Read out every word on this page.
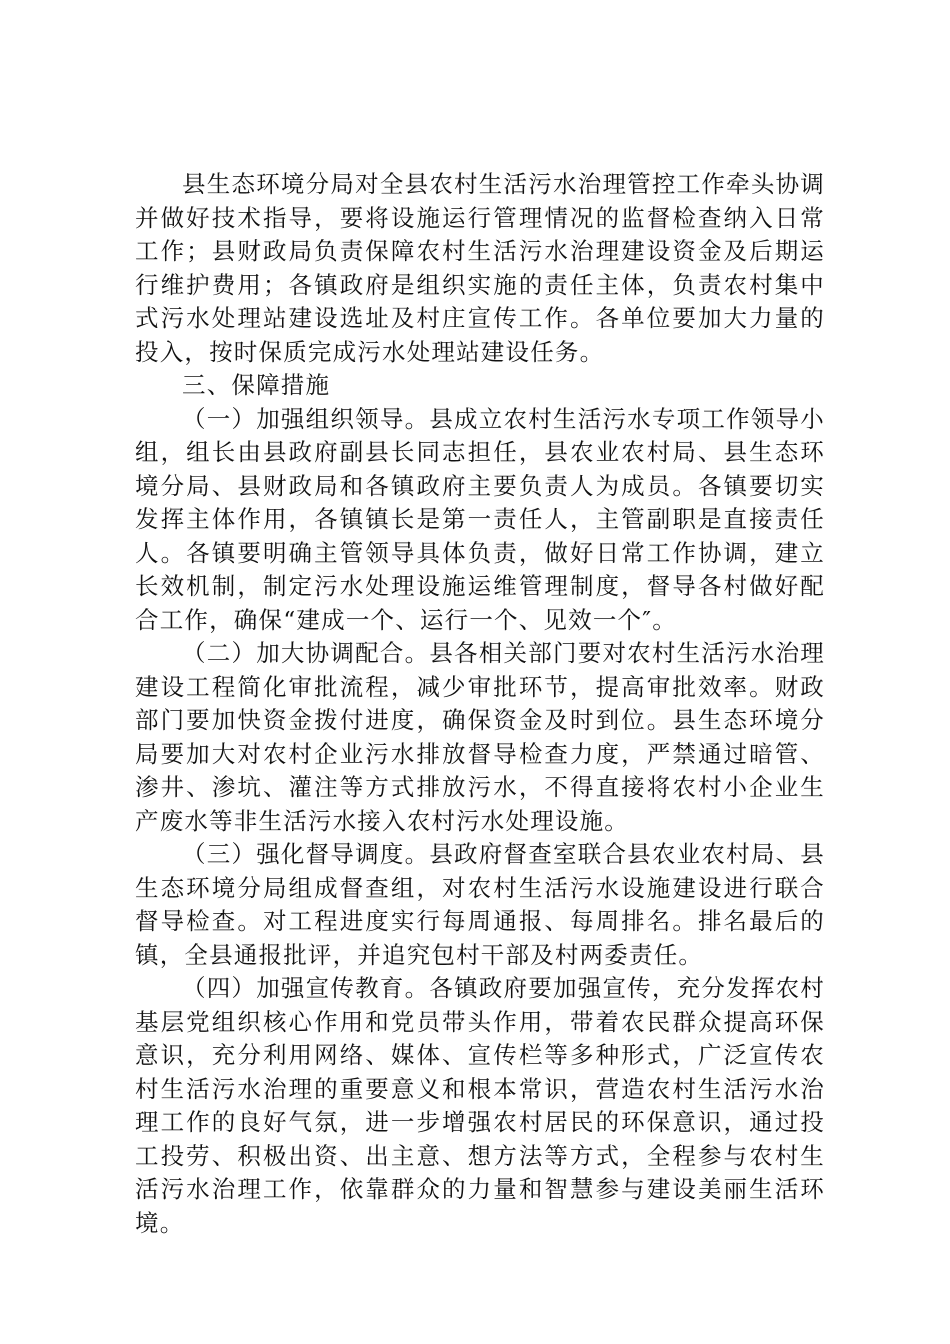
县生态环境分局对全县农村生活污水治理管控工作牵头协调并做好技术指导，要将设施运行管理情况的监督检查纳入日常工作；县财政局负责保障农村生活污水治理建设资金及后期运行维护费用；各镇政府是组织实施的责任主体，负责农村集中式污水处理站建设选址及村庄宣传工作。各单位要加大力量的投入，按时保质完成污水处理站建设任务。

三、保障措施

（一）加强组织领导。县成立农村生活污水专项工作领导小组，组长由县政府副县长同志担任，县农业农村局、县生态环境分局、县财政局和各镇政府主要负责人为成员。各镇要切实发挥主体作用，各镇镇长是第一责任人，主管副职是直接责任人。各镇要明确主管领导具体负责，做好日常工作协调，建立长效机制，制定污水处理设施运维管理制度，督导各村做好配合工作，确保“建成一个、运行一个、见效一个″。

（二）加大协调配合。县各相关部门要对农村生活污水治理建设工程简化审批流程，减少审批环节，提高审批效率。财政部门要加快资金拨付进度，确保资金及时到位。县生态环境分局要加大对农村企业污水排放督导检查力度，严禁通过暗管、渗井、渗坑、灌注等方式排放污水，不得直接将农村小企业生产废水等非生活污水接入农村污水处理设施。

（三）强化督导调度。县政府督查室联合县农业农村局、县生态环境分局组成督查组，对农村生活污水设施建设进行联合督导检查。对工程进度实行每周通报、每周排名。排名最后的镇，全县通报批评，并追究包村干部及村两委责任。

（四）加强宣传教育。各镇政府要加强宣传，充分发挥农村基层党组织核心作用和党员带头作用，带着农民群众提高环保意识，充分利用网络、媒体、宣传栏等多种形式，广泛宣传农村生活污水治理的重要意义和根本常识，营造农村生活污水治理工作的良好气氛，进一步增强农村居民的环保意识，通过投工投劳、积极出资、出主意、想方法等方式，全程参与农村生活污水治理工作，依靠群众的力量和智慧参与建设美丽生活环境。
